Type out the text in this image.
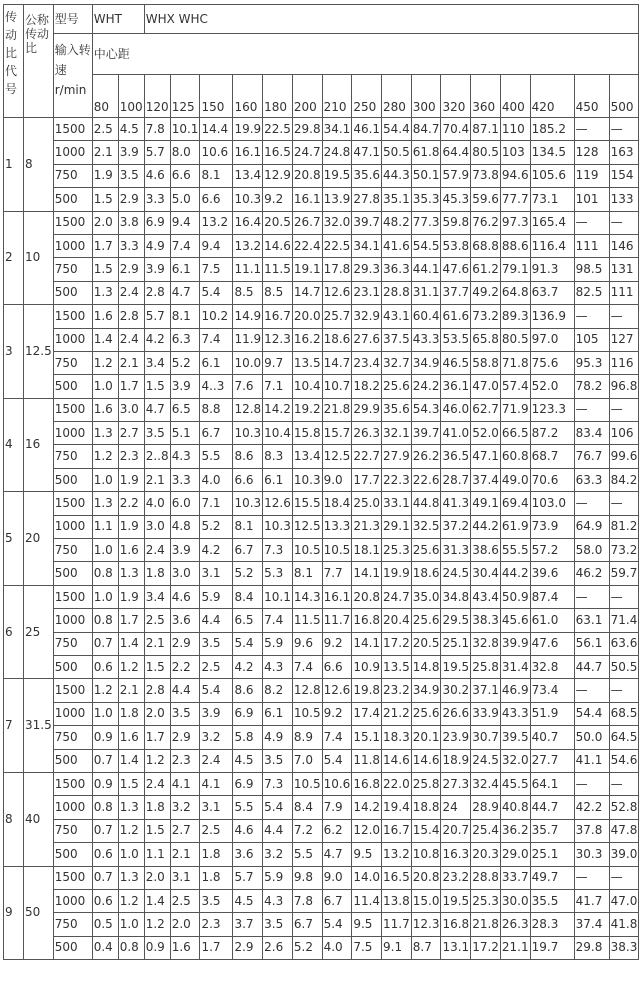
传动比代号	公称传动比	型号	WHT		WHX WHC															
		输入转速
r/min	中心距																	
			80	100	120	125	150	160	180	200	210	250	280	300	320	360	400	420	450	500
1	8	1500	2.5	4.5	7.8	10.1	14.4	19.9	22.5	29.8	34.1	46.1	54.4	84.7	70.4	87.1	110	185.2	—	—
		1000	2.1	3.9	5.7	8.0	10.6	16.1	16.5	24.7	24.8	47.1	50.5	61.8	64.4	80.5	103	134.5	128	163
		750	1.9	3.5	4.6	6.6	8.1	13.4	12.9	20.8	19.5	35.6	44.3	50.1	57.9	73.8	94.6	105.6	119	154
		500	1.5	2.9	3.3	5.0	6.6	10.3	9.2	16.1	13.9	27.8	35.1	35.3	45.3	59.6	77.7	73.1	101	133
2	10	1500	2.0	3.8	6.9	9.4	13.2	16.4	20.5	26.7	32.0	39.7	48.2	77.3	59.8	76.2	97.3	165.4	—	—
		1000	1.7	3.3	4.9	7.4	9.4	13.2	14.6	22.4	22.5	34.1	41.6	54.5	53.8	68.8	88.6	116.4	111	146
		750	1.5	2.9	3.9	6.1	7.5	11.1	11.5	19.1	17.8	29.3	36.3	44.1	47.6	61.2	79.1	91.3	98.5	131
		500	1.3	2.4	2.8	4.7	5.4	8.5	8.5	14.7	12.6	23.1	28.8	31.1	37.7	49.2	64.8	63.7	82.5	111
3	12.5	1500	1.6	2.8	5.7	8.1	10.2	14.9	16.7	20.0	25.7	32.9	43.1	60.4	61.6	73.2	89.3	136.9	—	—
		1000	1.4	2.4	4.2	6.3	7.4	11.9	12.3	16.2	18.6	27.6	37.5	43.3	53.5	65.8	80.5	97.0	105	127
		750	1.2	2.1	3.4	5.2	6.1	10.0	9.7	13.5	14.7	23.4	32.7	34.9	46.5	58.8	71.8	75.6	95.3	116
		500	1.0	1.7	1.5	3.9	4..3	7.6	7.1	10.4	10.7	18.2	25.6	24.2	36.1	47.0	57.4	52.0	78.2	96.8
4	16	1500	1.6	3.0	4.7	6.5	8.8	12.8	14.2	19.2	21.8	29.9	35.6	54.3	46.0	62.7	71.9	123.3	—	—
		1000	1.3	2.7	3.5	5.1	6.7	10.3	10.4	15.8	15.7	26.3	32.1	39.7	41.0	52.0	66.5	87.2	83.4	106
		750	1.2	2.3	2..8	4.3	5.5	8.6	8.3	13.4	12.5	22.7	27.9	26.2	36.5	47.1	60.8	68.7	76.7	99.6
		500	1.0	1.9	2.1	3.3	4.0	6.6	6.1	10.3	9.0	17.7	22.3	22.6	28.7	37.4	49.0	70.6	63.3	84.2
5	20	1500	1.3	2.2	4.0	6.0	7.1	10.3	12.6	15.5	18.4	25.0	33.1	44.8	41.3	49.1	69.4	103.0	—	—
		1000	1.1	1.9	3.0	4.8	5.2	8.1	10.3	12.5	13.3	21.3	29.1	32.5	37.2	44.2	61.9	73.9	64.9	81.2
		750	1.0	1.6	2.4	3.9	4.2	6.7	7.3	10.5	10.5	18.1	25.3	25.6	31.3	38.6	55.5	57.2	58.0	73.2
		500	0.8	1.3	1.8	3.0	3.1	5.2	5.3	8.1	7.7	14.1	19.9	18.6	24.5	30.4	44.2	39.6	46.2	59.7
6	25	1500	1.0	1.9	3.4	4.6	5.9	8.4	10.1	14.3	16.1	20.8	24.7	35.0	34.8	43.4	50.9	87.4	—	—
		1000	0.8	1.7	2.5	3.6	4.4	6.5	7.4	11.5	11.7	16.8	20.4	25.6	29.5	38.3	45.6	61.0	63.1	71.4
		750	0.7	1.4	2.1	2.9	3.5	5.4	5.9	9.6	9.2	14.1	17.2	20.5	25.1	32.8	39.9	47.6	56.1	63.6
		500	0.6	1.2	1.5	2.2	2.5	4.2	4.3	7.4	6.6	10.9	13.5	14.8	19.5	25.8	31.4	32.8	44.7	50.5
7	31.5	1500	1.2	2.1	2.8	4.4	5.4	8.6	8.2	12.8	12.6	19.8	23.2	34.9	30.2	37.1	46.9	73.4	—	—
		1000	1.0	1.8	2.0	3.5	3.9	6.9	6.1	10.5	9.2	17.4	21.2	25.6	26.6	33.9	43.3	51.9	54.4	68.5
		750	0.9	1.6	1.7	2.9	3.2	5.8	4.9	8.9	7.4	15.1	18.3	20.1	23.9	30.7	39.5	40.7	50.0	64.5
		500	0.7	1.4	1.2	2.3	2.4	4.5	3.5	7.0	5.4	11.8	14.6	14.6	18.9	24.5	32.0	27.7	41.1	54.6
8	40	1500	0.9	1.5	2.4	4.1	4.1	6.9	7.3	10.5	10.6	16.8	22.0	25.8	27.3	32.4	45.5	64.1	—	—
		1000	0.8	1.3	1.8	3.2	3.1	5.5	5.4	8.4	7.9	14.2	19.4	18.8	24	28.9	40.8	44.7	42.2	52.8
		750	0.7	1.2	1.5	2.7	2.5	4.6	4.4	7.2	6.2	12.0	16.7	15.4	20.7	25.4	36.2	35.7	37.8	47.8
		500	0.6	1.0	1.1	2.1	1.8	3.6	3.2	5.5	4.7	9.5	13.2	10.8	16.3	20.3	29.0	25.1	30.3	39.0
9	50	1500	0.7	1.3	2.0	3.1	1.8	5.7	5.9	9.8	9.0	14.0	16.5	20.8	23.2	28.8	33.7	49.7	—	—
		1000	0.6	1.2	1.4	2.5	3.5	4.5	4.3	7.8	6.7	11.4	13.8	15.0	19.5	25.3	30.0	35.5	41.7	47.0
		750	0.5	1.0	1.2	2.0	2.3	3.7	3.5	6.7	5.4	9.5	11.7	12.3	16.8	21.8	26.3	28.3	37.4	41.8
		500	0.4	0.8	0.9	1.6	1.7	2.9	2.6	5.2	4.0	7.5	9.1	8.7	13.1	17.2	21.1	19.7	29.8	38.3
